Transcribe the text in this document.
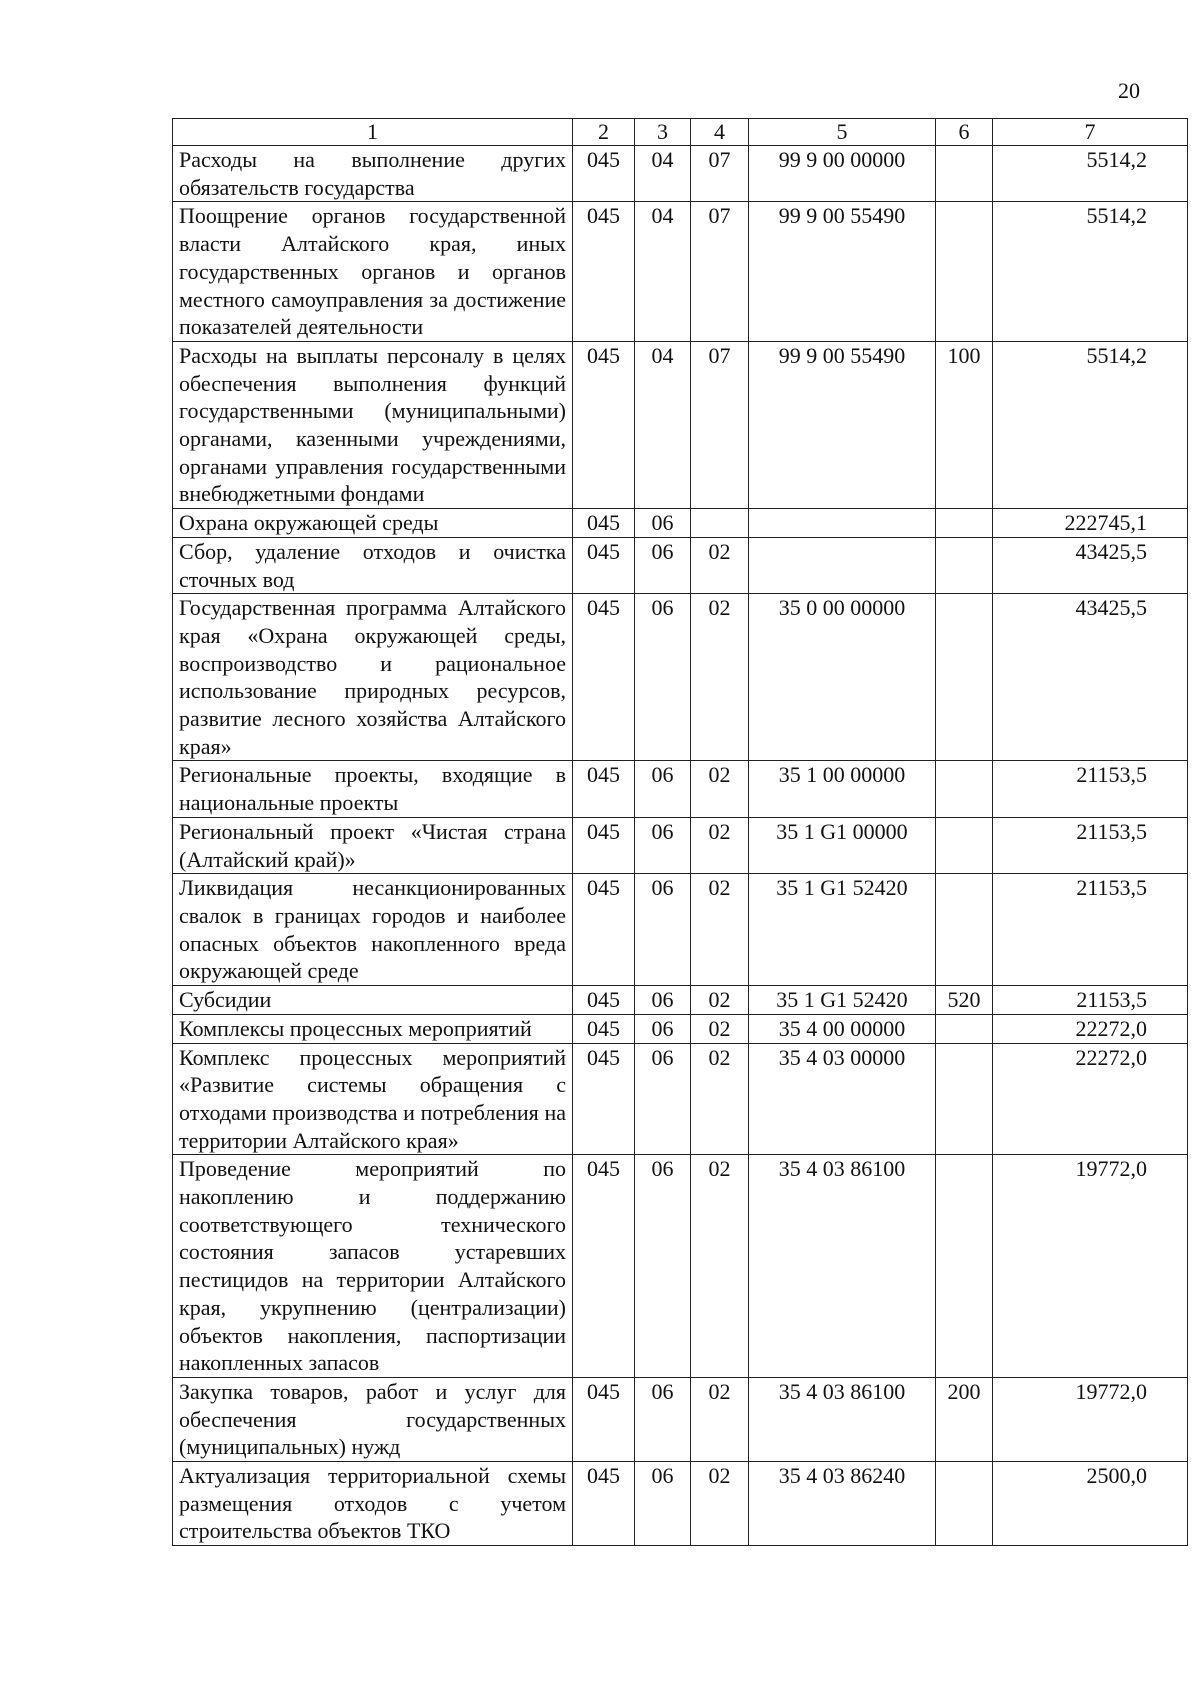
20
1	2	3	4	5	6	7
Расходы на выполнение других обязательств государства	045	04	07	99 9 00 00000		5514,2
Поощрение органов государственной власти Алтайского края, иных государственных органов и органов местного самоуправления за достижение показателей деятельности	045	04	07	99 9 00 55490		5514,2
Расходы на выплаты персоналу в целях обеспечения выполнения функций государственными (муниципальными) органами, казенными учреждениями, органами управления государственными внебюджетными фондами	045	04	07	99 9 00 55490	100	5514,2
Охрана окружающей среды	045	06				222745,1
Сбор, удаление отходов и очистка сточных вод	045	06	02			43425,5
Государственная программа Алтайского края «Охрана окружающей среды, воспроизводство и рациональное использование природных ресурсов, развитие лесного хозяйства Алтайского края»	045	06	02	35 0 00 00000		43425,5
Региональные проекты, входящие в национальные проекты	045	06	02	35 1 00 00000		21153,5
Региональный проект «Чистая страна (Алтайский край)»	045	06	02	35 1 G1 00000		21153,5
Ликвидация несанкционированных свалок в границах городов и наиболее опасных объектов накопленного вреда окружающей среде	045	06	02	35 1 G1 52420		21153,5
Субсидии	045	06	02	35 1 G1 52420	520	21153,5
Комплексы процессных мероприятий	045	06	02	35 4 00 00000		22272,0
Комплекс процессных мероприятий «Развитие системы обращения с отходами производства и потребления на территории Алтайского края»	045	06	02	35 4 03 00000		22272,0
Проведение мероприятий по накоплению и поддержанию соответствующего технического состояния запасов устаревших пестицидов на территории Алтайского края, укрупнению (централизации) объектов накопления, паспортизации накопленных запасов	045	06	02	35 4 03 86100		19772,0
Закупка товаров, работ и услуг для обеспечения государственных (муниципальных) нужд	045	06	02	35 4 03 86100	200	19772,0
Актуализация территориальной схемы размещения отходов с учетом строительства объектов ТКО	045	06	02	35 4 03 86240		2500,0
